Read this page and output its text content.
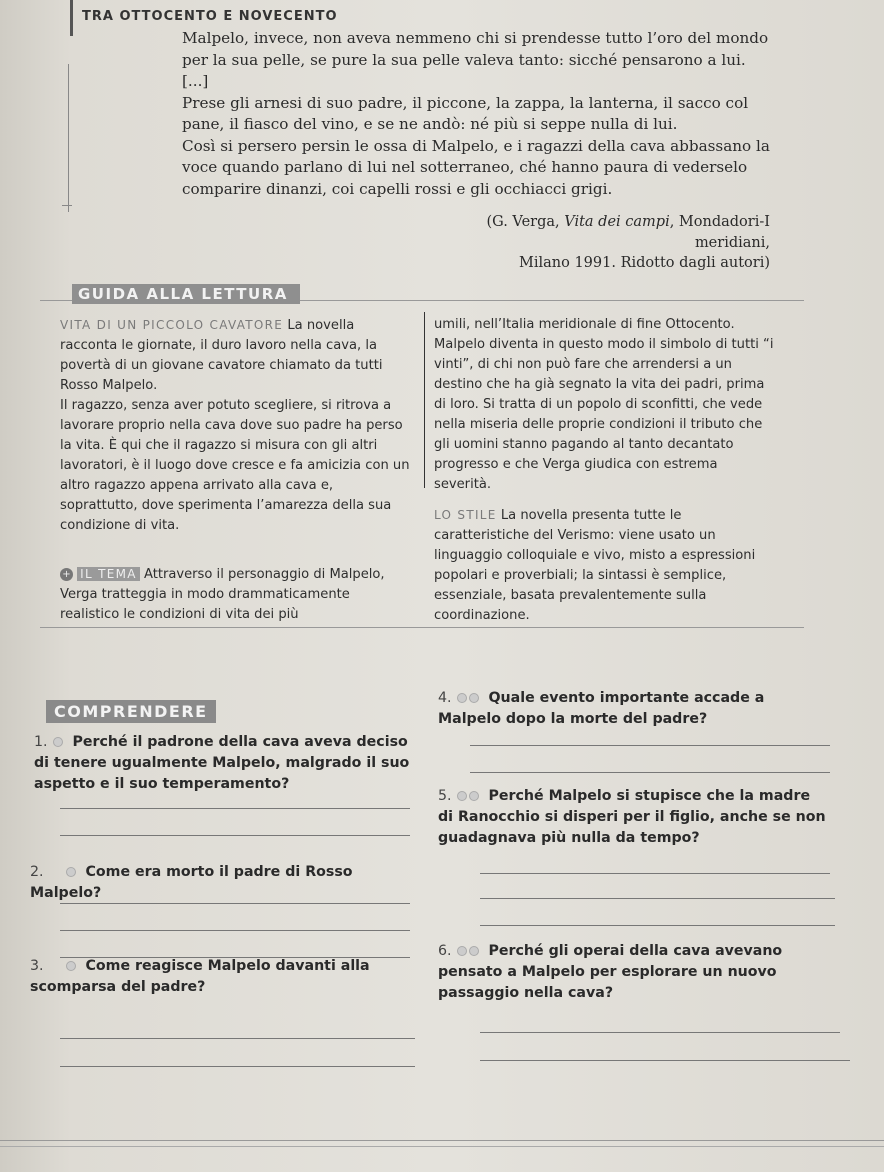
TRA OTTOCENTO E NOVECENTO

Malpelo, invece, non aveva nemmeno chi si prendesse tutto l’oro del mondo per la sua pelle, se pure la sua pelle valeva tanto: sicché pensarono a lui.

[...]

Prese gli arnesi di suo padre, il piccone, la zappa, la lanterna, il sacco col pane, il fiasco del vino, e se ne andò: né più si seppe nulla di lui.

Così si persero persin le ossa di Malpelo, e i ragazzi della cava abbassano la voce quando parlano di lui nel sotterraneo, ché hanno paura di vederselo comparire dinanzi, coi capelli rossi e gli occhiacci grigi.

(G. Verga, Vita dei campi, Mondadori-I meridiani,
Milano 1991. Ridotto dagli autori)
GUIDA ALLA LETTURA

VITA DI UN PICCOLO CAVATORE La novella racconta le giornate, il duro lavoro nella cava, la povertà di un giovane cavatore chiamato da tutti Rosso Malpelo.

Il ragazzo, senza aver potuto scegliere, si ritrova a lavorare proprio nella cava dove suo padre ha perso la vita. È qui che il ragazzo si misura con gli altri lavoratori, è il luogo dove cresce e fa amicizia con un altro ragazzo appena arrivato alla cava e, soprattutto, dove sperimenta l’amarezza della sua condizione di vita.

+ IL TEMA Attraverso il personaggio di Malpelo, Verga tratteggia in modo drammaticamente realistico le condizioni di vita dei più

umili, nell’Italia meridionale di fine Ottocento. Malpelo diventa in questo modo il simbolo di tutti “i vinti”, di chi non può fare che arrendersi a un destino che ha già segnato la vita dei padri, prima di loro. Si tratta di un popolo di sconfitti, che vede nella miseria delle proprie condizioni il tributo che gli uomini stanno pagando al tanto decantato progresso e che Verga giudica con estrema severità.

LO STILE La novella presenta tutte le caratteristiche del Verismo: viene usato un linguaggio colloquiale e vivo, misto a espressioni popolari e proverbiali; la sintassi è semplice, essenziale, basata prevalentemente sulla coordinazione.

COMPRENDERE
1. Perché il padrone della cava aveva deciso di tenere ugualmente Malpelo, malgrado il suo aspetto e il suo temperamento?
2.	Come era morto il padre di Rosso Malpelo?
3.	Come reagisce Malpelo davanti alla scomparsa del padre?
4.	Quale evento importante accade a Malpelo dopo la morte del padre?
5.	Perché Malpelo si stupisce che la madre di Ranocchio si disperi per il figlio, anche se non guadagnava più nulla da tempo?
6.	Perché gli operai della cava avevano pensato a Malpelo per esplorare un nuovo passaggio nella cava?
